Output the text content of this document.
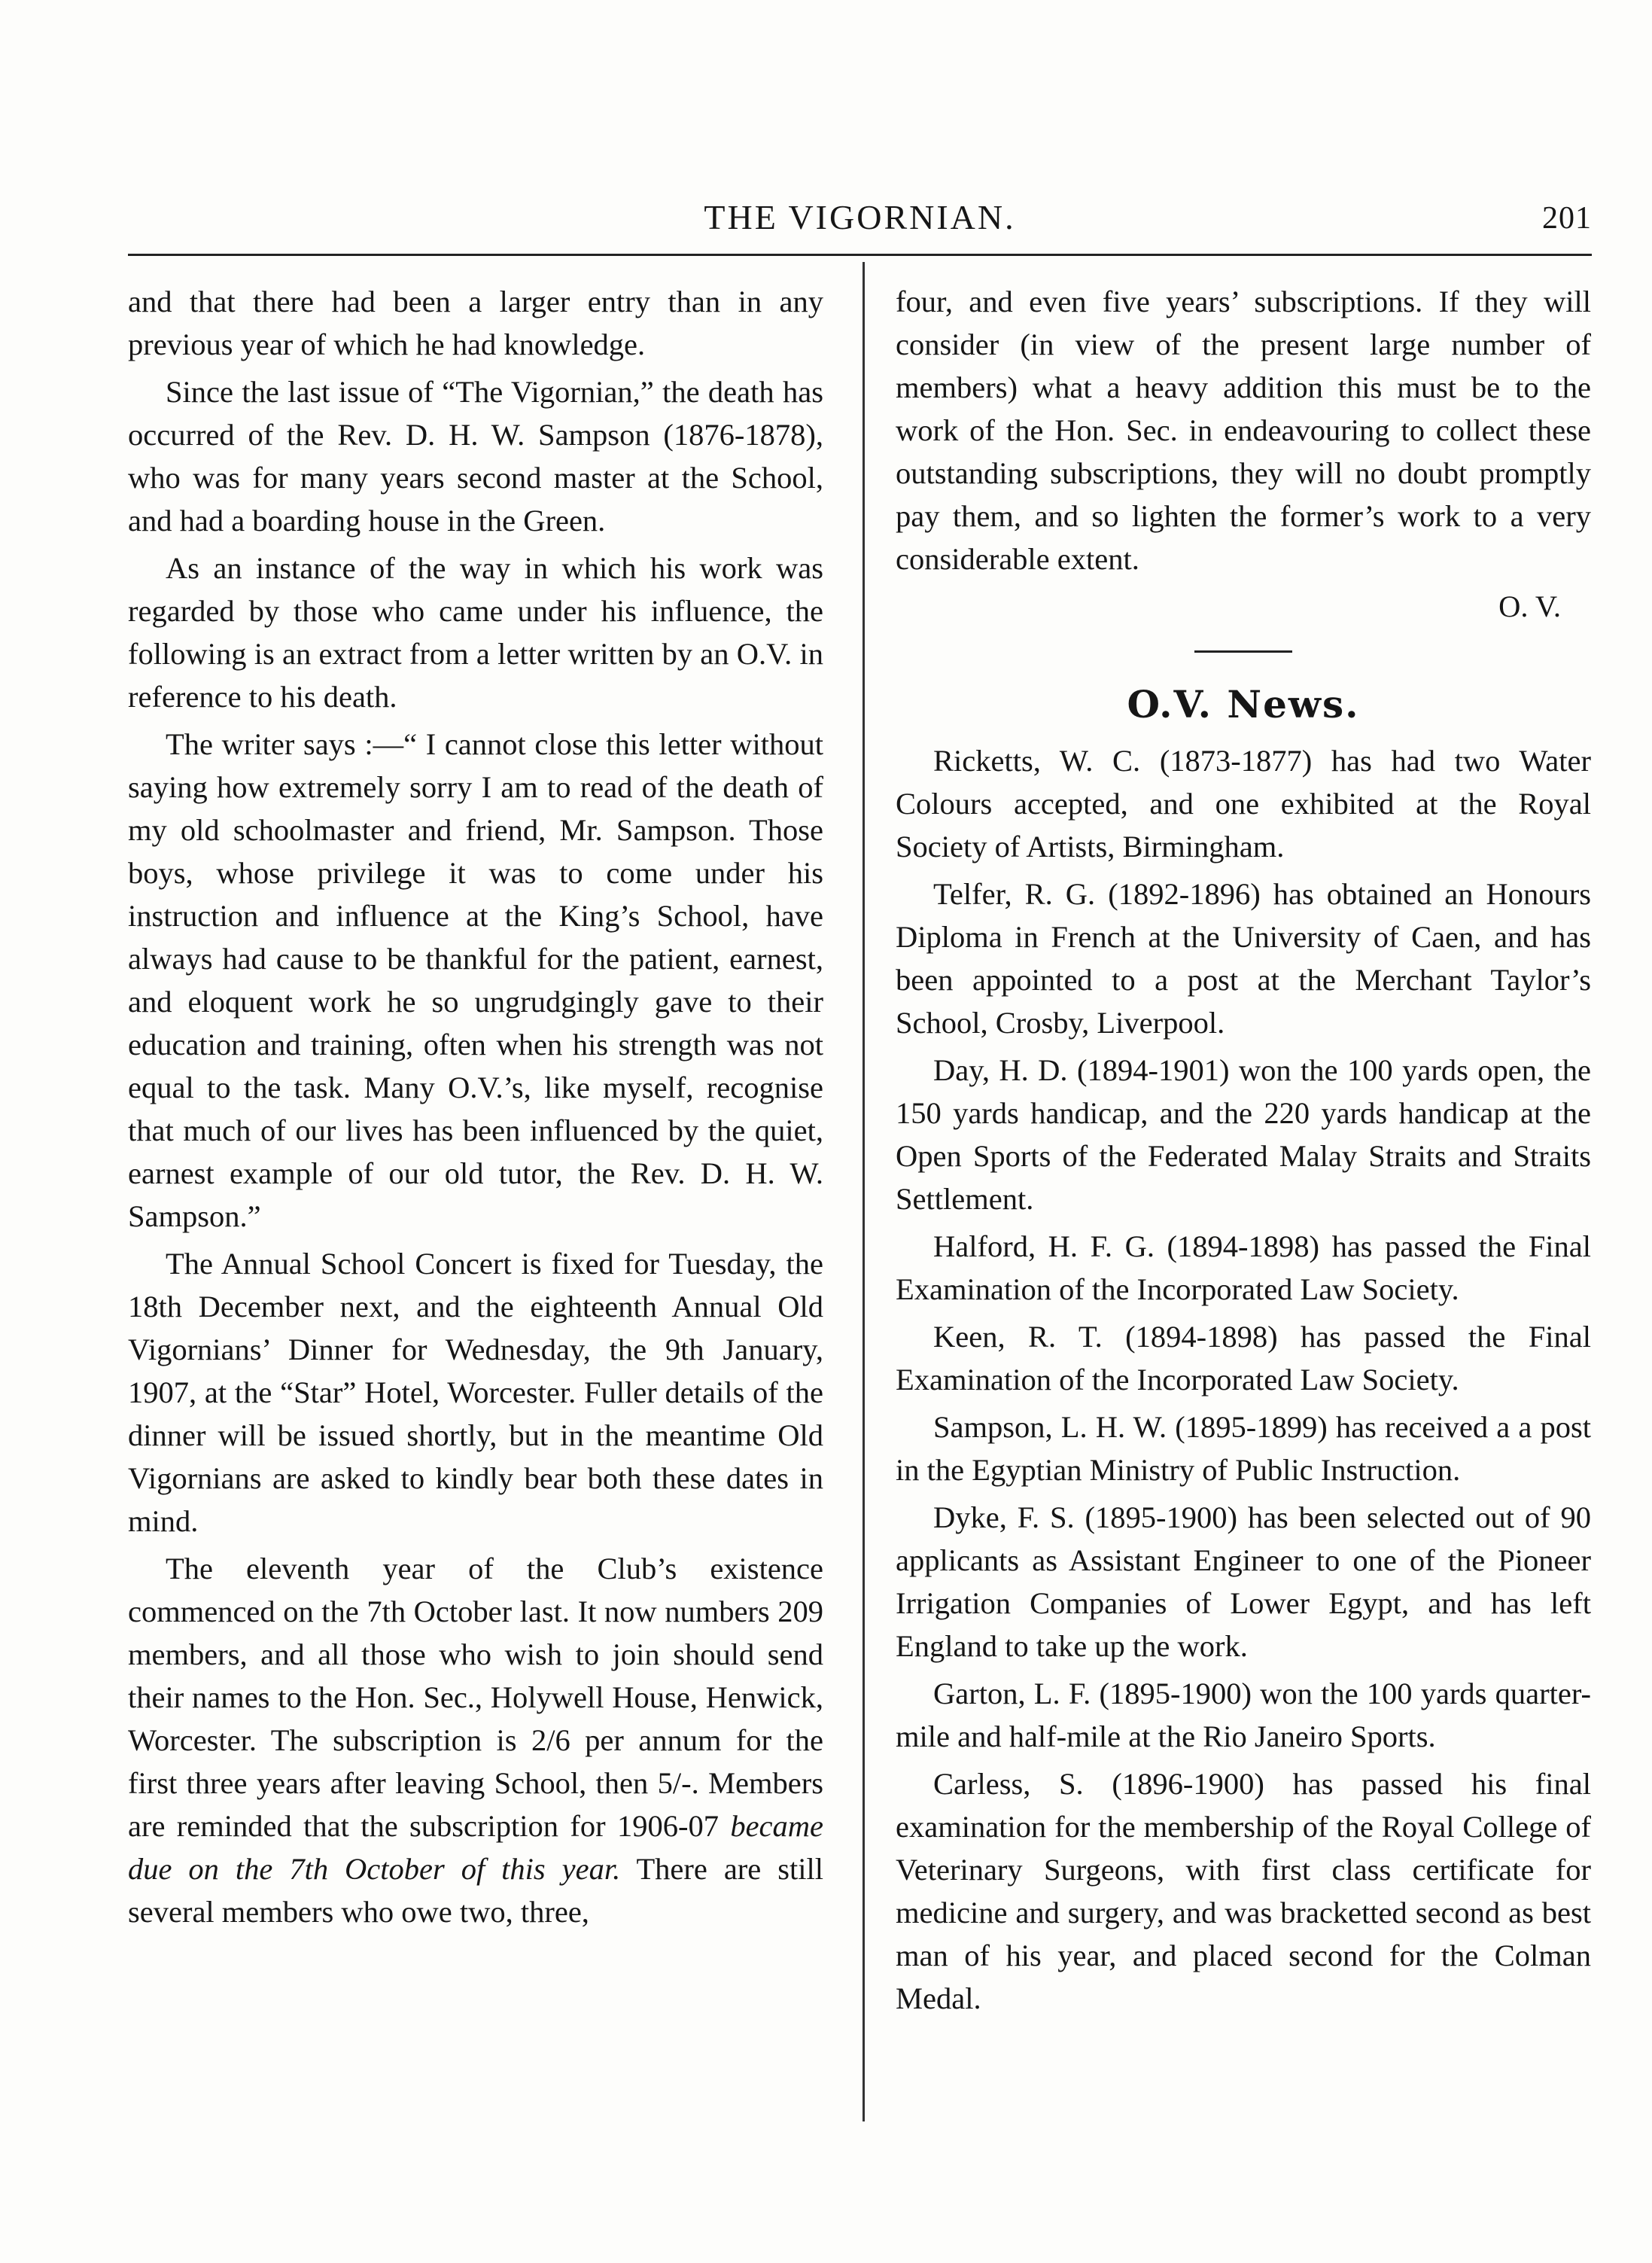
THE VIGORNIAN.	201

and that there had been a larger entry than in any previous year of which he had knowledge.

Since the last issue of “The Vigornian,” the death has occurred of the Rev. D. H. W. Sampson (1876-1878), who was for many years second master at the School, and had a boarding house in the Green.

As an instance of the way in which his work was regarded by those who came under his influence, the following is an extract from a letter written by an O.V. in reference to his death.

The writer says :—“ I cannot close this letter without saying how extremely sorry I am to read of the death of my old schoolmaster and friend, Mr. Sampson. Those boys, whose privilege it was to come under his instruction and influence at the King’s School, have always had cause to be thankful for the patient, earnest, and eloquent work he so ungrudgingly gave to their education and training, often when his strength was not equal to the task. Many O.V.’s, like myself, recognise that much of our lives has been influenced by the quiet, earnest example of our old tutor, the Rev. D. H. W. Sampson.”

The Annual School Concert is fixed for Tuesday, the 18th December next, and the eighteenth Annual Old Vigornians’ Dinner for Wednesday, the 9th January, 1907, at the “Star” Hotel, Worcester. Fuller details of the dinner will be issued shortly, but in the meantime Old Vigornians are asked to kindly bear both these dates in mind.

The eleventh year of the Club’s existence commenced on the 7th October last. It now numbers 209 members, and all those who wish to join should send their names to the Hon. Sec., Holywell House, Henwick, Worcester. The subscription is 2/6 per annum for the first three years after leaving School, then 5/-. Members are reminded that the subscription for 1906-07 became due on the 7th October of this year. There are still several members who owe two, three,

four, and even five years’ subscriptions. If they will consider (in view of the present large number of members) what a heavy addition this must be to the work of the Hon. Sec. in endeavouring to collect these outstanding subscriptions, they will no doubt promptly pay them, and so lighten the former’s work to a very considerable extent.

O. V.

O.V. News.

Ricketts, W. C. (1873-1877) has had two Water Colours accepted, and one exhibited at the Royal Society of Artists, Birmingham.

Telfer, R. G. (1892-1896) has obtained an Honours Diploma in French at the University of Caen, and has been appointed to a post at the Merchant Taylor’s School, Crosby, Liverpool.

Day, H. D. (1894-1901) won the 100 yards open, the 150 yards handicap, and the 220 yards handicap at the Open Sports of the Federated Malay Straits and Straits Settlement.

Halford, H. F. G. (1894-1898) has passed the Final Examination of the Incorporated Law Society.

Keen, R. T. (1894-1898) has passed the Final Examination of the Incorporated Law Society.

Sampson, L. H. W. (1895-1899) has received a a post in the Egyptian Ministry of Public Instruction.

Dyke, F. S. (1895-1900) has been selected out of 90 applicants as Assistant Engineer to one of the Pioneer Irrigation Companies of Lower Egypt, and has left England to take up the work.

Garton, L. F. (1895-1900) won the 100 yards quarter-mile and half-mile at the Rio Janeiro Sports.

Carless, S. (1896-1900) has passed his final examination for the membership of the Royal College of Veterinary Surgeons, with first class certificate for medicine and surgery, and was bracketted second as best man of his year, and placed second for the Colman Medal.
